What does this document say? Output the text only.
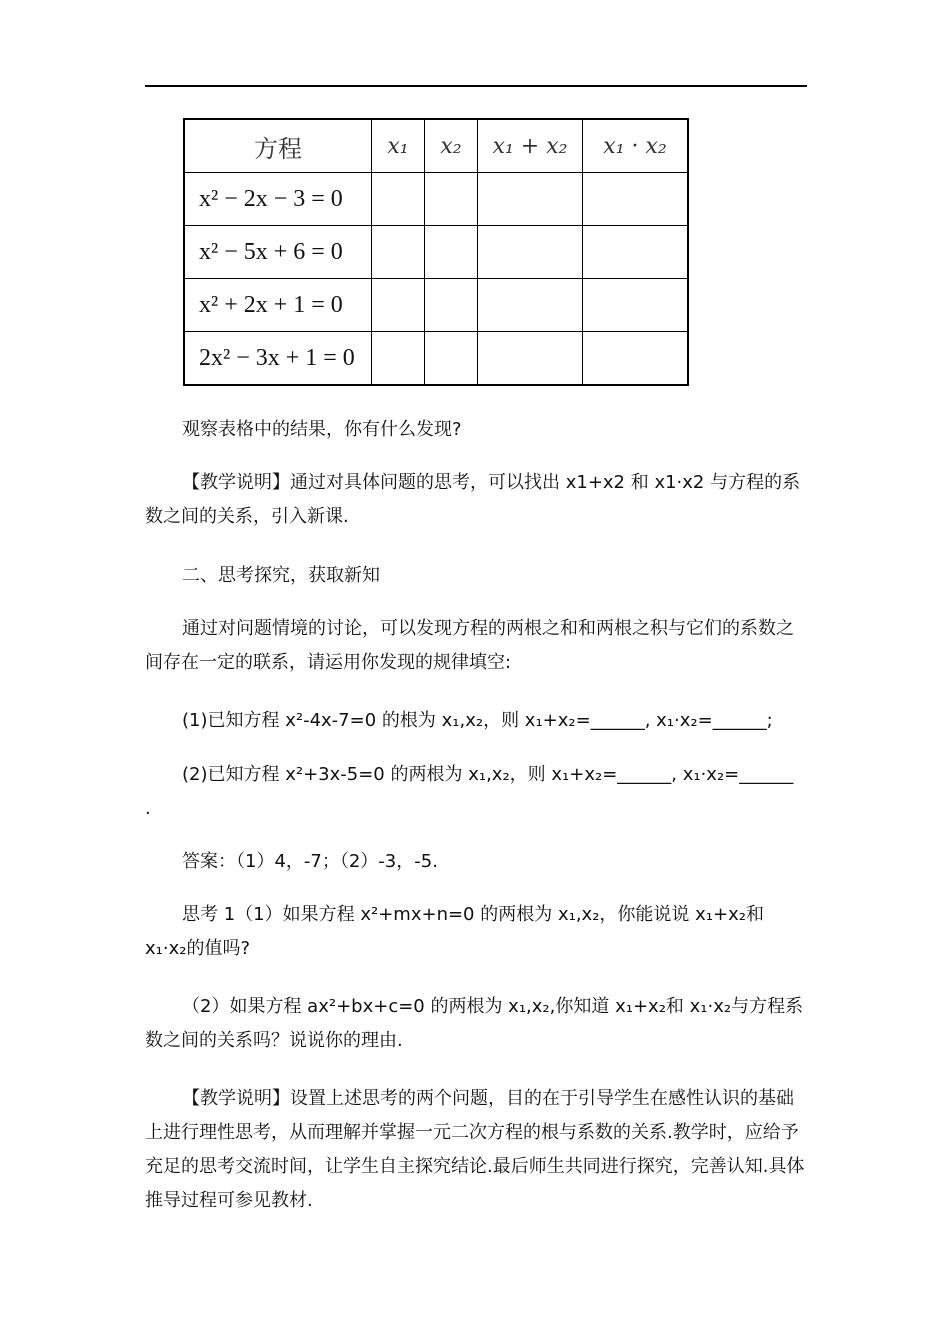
方程	x₁	x₂	x₁ + x₂	x₁ · x₂
x² − 2x − 3 = 0				
x² − 5x + 6 = 0				
x² + 2x + 1 = 0				
2x² − 3x + 1 = 0				

观察表格中的结果，你有什么发现?

【教学说明】通过对具体问题的思考，可以找出 x1+x2 和 x1·x2 与方程的系数之间的关系，引入新课.

二、思考探究，获取新知

通过对问题情境的讨论，可以发现方程的两根之和和两根之积与它们的系数之间存在一定的联系，请运用你发现的规律填空:

(1)已知方程 x²-4x-7=0 的根为 x₁,x₂，则 x₁+x₂=______, x₁·x₂=______;

(2)已知方程 x²+3x-5=0 的两根为 x₁,x₂，则 x₁+x₂=______, x₁·x₂=______

.

答案：（1）4，-7；（2）-3，-5.

思考 1（1）如果方程 x²+mx+n=0 的两根为 x₁,x₂，你能说说 x₁+x₂和 x₁·x₂的值吗?

（2）如果方程 ax²+bx+c=0 的两根为 x₁,x₂,你知道 x₁+x₂和 x₁·x₂与方程系数之间的关系吗？说说你的理由.

【教学说明】设置上述思考的两个问题，目的在于引导学生在感性认识的基础上进行理性思考，从而理解并掌握一元二次方程的根与系数的关系.教学时，应给予充足的思考交流时间，让学生自主探究结论.最后师生共同进行探究，完善认知.具体推导过程可参见教材.
